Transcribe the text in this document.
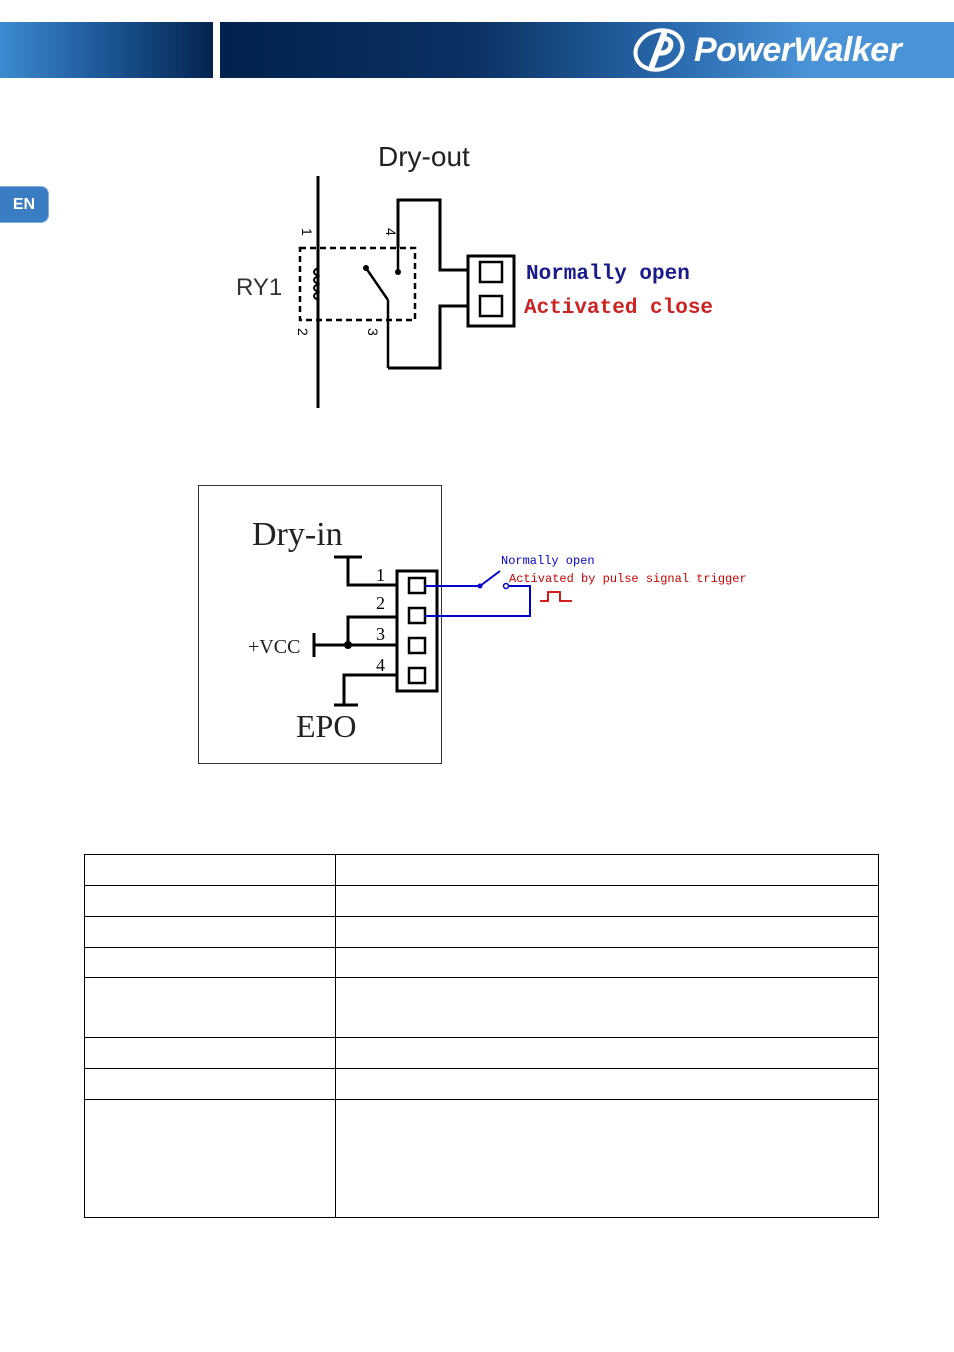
PowerWalker
EN
Dry-out
RY1
1
2
4
3
Normally open
Activated close
Dry-in
+VCC
EPO
1
2
3
4
Normally open
Activated by pulse signal trigger
